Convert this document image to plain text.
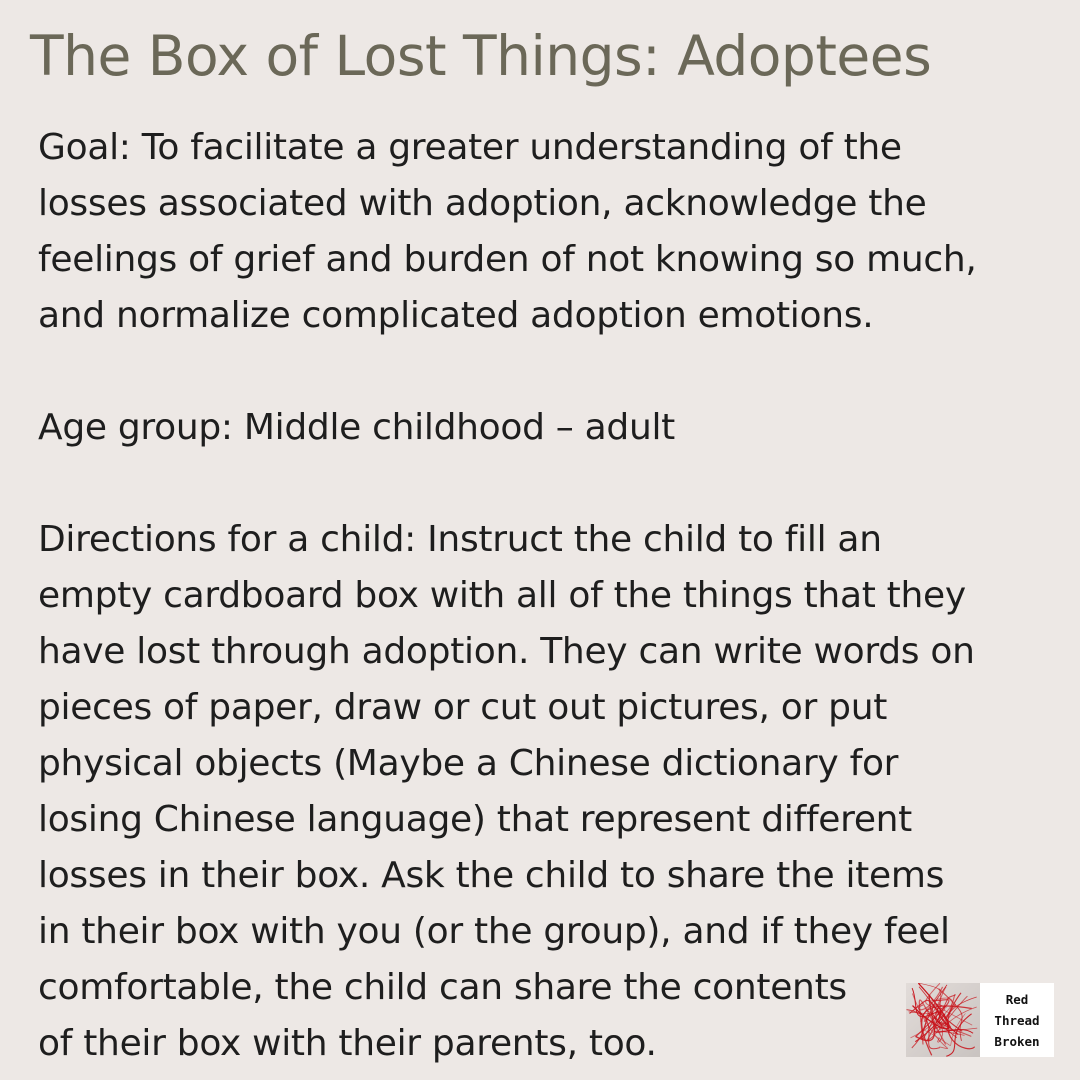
The Box of Lost Things: Adoptees
Goal: To facilitate a greater understanding of the
losses associated with adoption, acknowledge the
feelings of grief and burden of not knowing so much,
and normalize complicated adoption emotions.
Age group: Middle childhood – adult
Directions for a child: Instruct the child to fill an
empty cardboard box with all of the things that they
have lost through adoption. They can write words on
pieces of paper, draw or cut out pictures, or put
physical objects (Maybe a Chinese dictionary for
losing Chinese language) that represent different
losses in their box. Ask the child to share the items
in their box with you (or the group), and if they feel
comfortable, the child can share the contents
of their box with their parents, too.
Red
Thread
Broken
